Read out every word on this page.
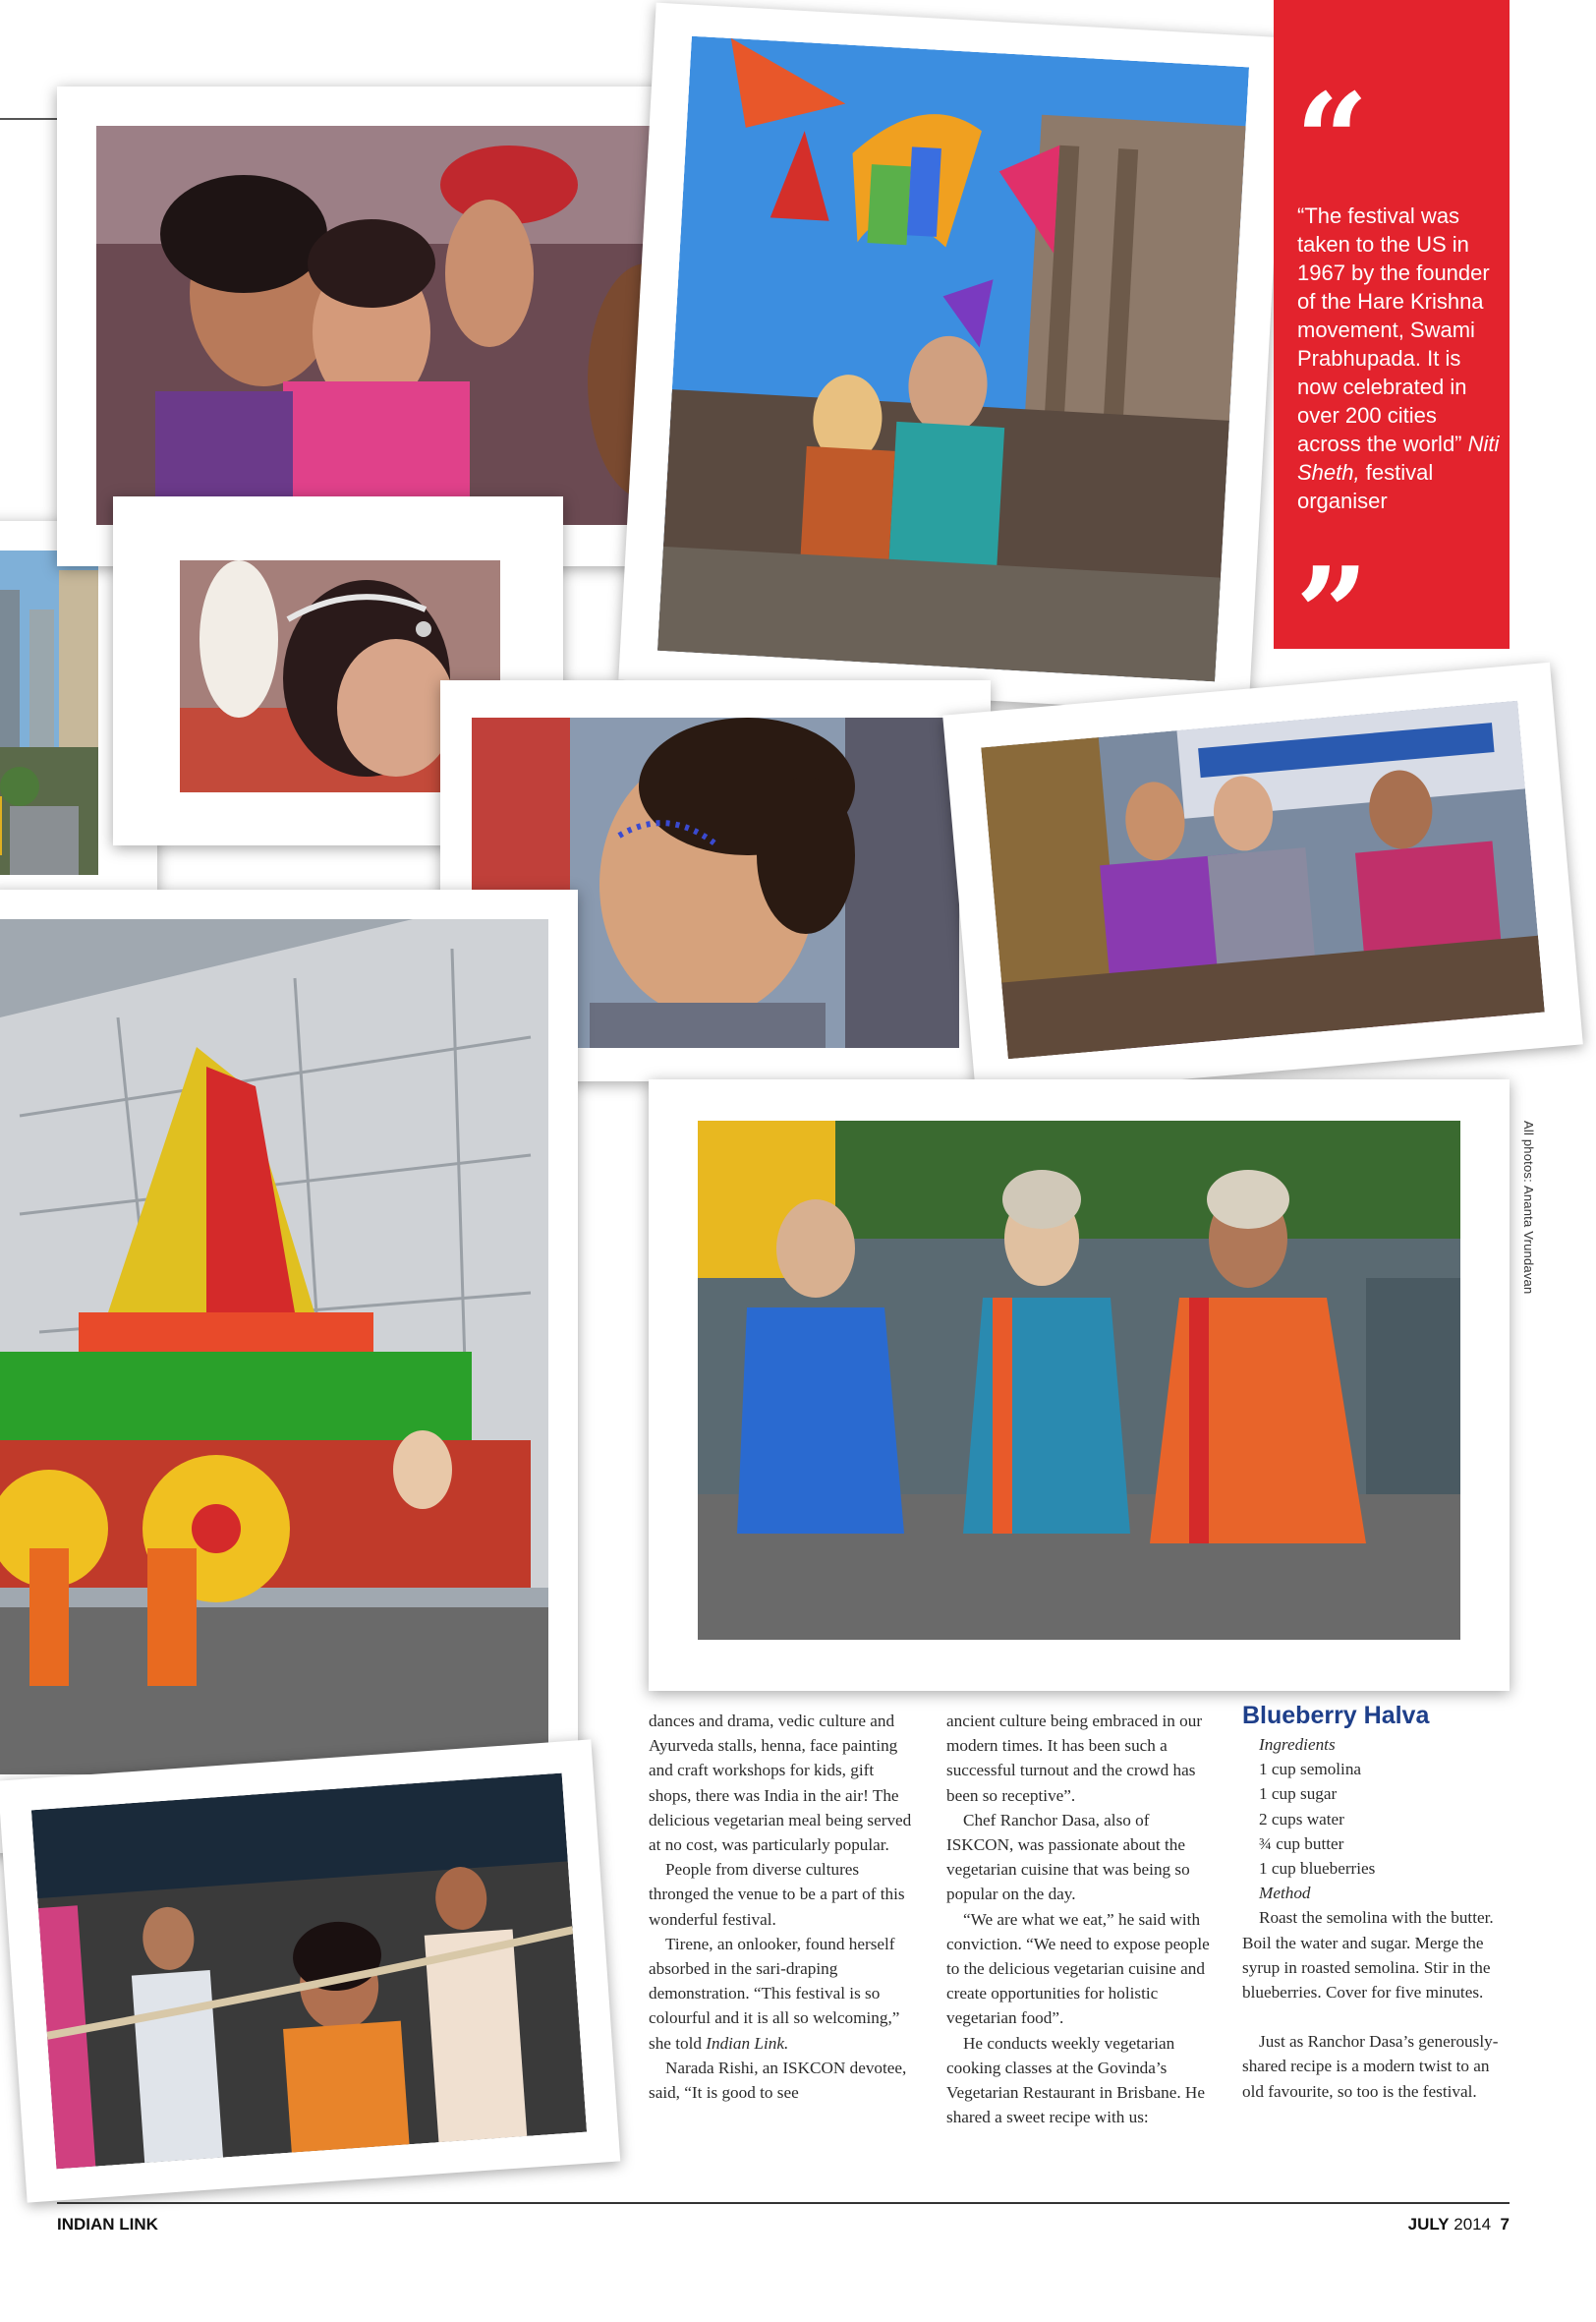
“
“The festival was taken to the US in 1967 by the founder of the Hare Krishna movement, Swami Prabhupada. It is now celebrated in over 200 cities across the world” Niti Sheth, festival organiser
”
All photos: Ananta Vrundavan

dances and drama, vedic culture and Ayurveda stalls, henna, face painting and craft workshops for kids, gift shops, there was India in the air! The delicious vegetarian meal being served at no cost, was particularly popular.

People from diverse cultures thronged the venue to be a part of this wonderful festival.

Tirene, an onlooker, found herself absorbed in the sari-draping demonstration. “This festival is so colourful and it is all so welcoming,” she told Indian Link.

Narada Rishi, an ISKCON devotee, said, “It is good to see

ancient culture being embraced in our modern times. It has been such a successful turnout and the crowd has been so receptive”.

Chef Ranchor Dasa, also of ISKCON, was passionate about the vegetarian cuisine that was being so popular on the day.

“We are what we eat,” he said with conviction. “We need to expose people to the delicious vegetarian cuisine and create opportunities for holistic vegetarian food”.

He conducts weekly vegetarian cooking classes at the Govinda’s Vegetarian Restaurant in Brisbane. He shared a sweet recipe with us:

Blueberry Halva

Ingredients

1 cup semolina

1 cup sugar

2 cups water

¾ cup butter

1 cup blueberries

Method

Roast the semolina with the butter. Boil the water and sugar. Merge the syrup in roasted semolina. Stir in the blueberries. Cover for five minutes.

Just as Ranchor Dasa’s generously-shared recipe is a modern twist to an old favourite, so too is the festival.

INDIAN LINK	JULY 2014 7
